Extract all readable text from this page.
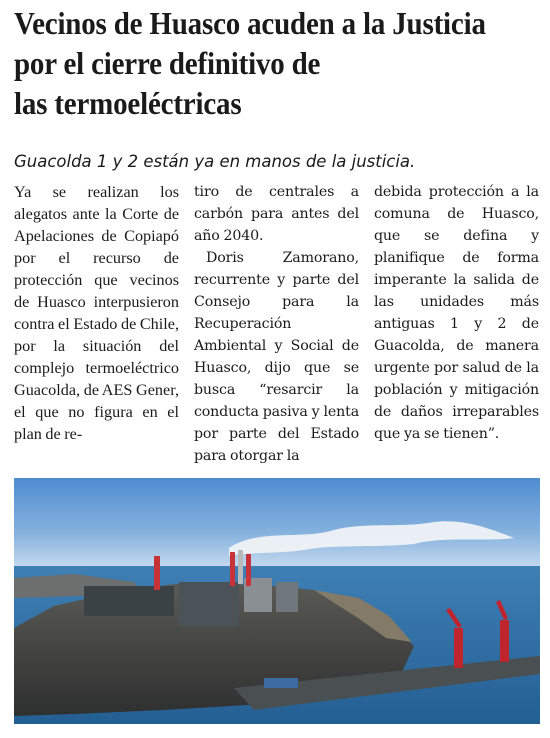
Vecinos de Huasco acuden a la Justicia
por el cierre definitivo de
las termoeléctricas

Guacolda 1 y 2 están ya en manos de la justicia.

Ya se realizan los alegatos ante la Corte de Apelaciones de Copiapó por el recurso de protección que vecinos de Huasco interpusieron contra el Estado de Chile, por la situación del complejo termoeléctrico Guacolda, de AES Gener, el que no figura en el plan de re-

tiro de centrales a carbón para antes del año 2040.

Doris Zamorano, recurrente y parte del Consejo para la Recuperación Ambiental y Social de Huasco, dijo que se busca “resarcir la conducta pasiva y lenta por parte del Estado para otorgar la

debida protección a la comuna de Huasco, que se defina y planifique de forma imperante la salida de las unidades más antiguas 1 y 2 de Guacolda, de manera urgente por salud de la población y mitigación de daños irreparables que ya se tienen”.
